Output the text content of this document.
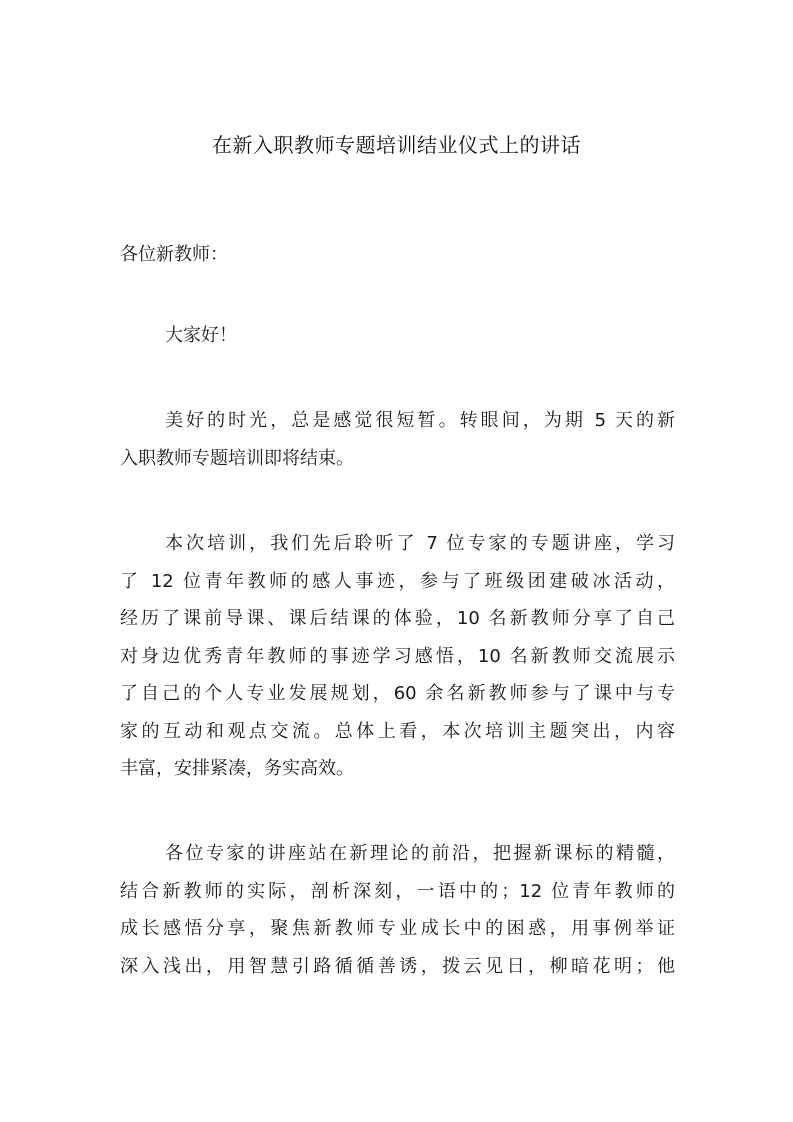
在新入职教师专题培训结业仪式上的讲话
各位新教师：
大家好！
美好的时光，总是感觉很短暂。转眼间，为期 5 天的新
入职教师专题培训即将结束。
本次培训，我们先后聆听了 7 位专家的专题讲座，学习
了 12 位青年教师的感人事迹，参与了班级团建破冰活动，
经历了课前导课、课后结课的体验，10 名新教师分享了自己
对身边优秀青年教师的事迹学习感悟，10 名新教师交流展示
了自己的个人专业发展规划，60 余名新教师参与了课中与专
家的互动和观点交流。总体上看，本次培训主题突出，内容
丰富，安排紧凑，务实高效。
各位专家的讲座站在新理论的前沿，把握新课标的精髓，
结合新教师的实际，剖析深刻，一语中的；12 位青年教师的
成长感悟分享，聚焦新教师专业成长中的困惑，用事例举证
深入浅出，用智慧引路循循善诱，拨云见日，柳暗花明；他
